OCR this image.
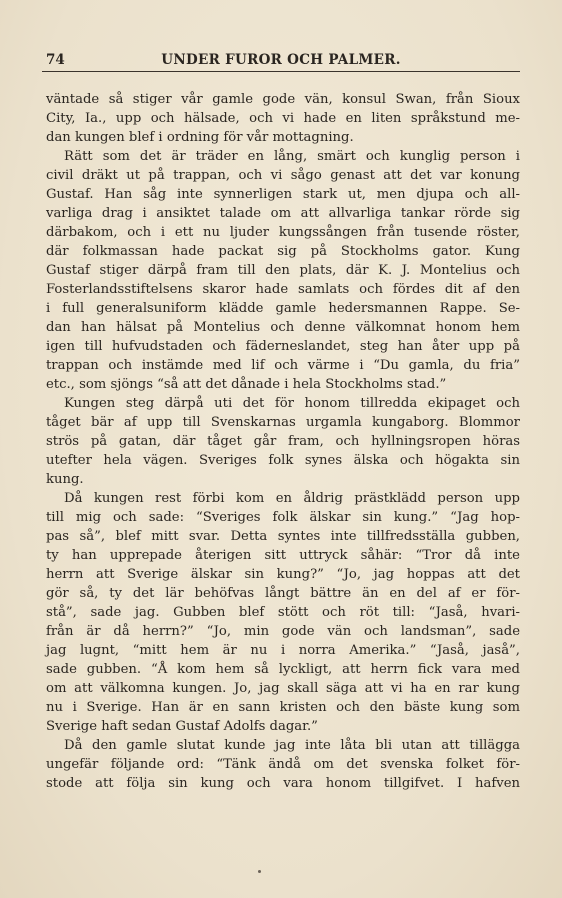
74	UNDER FUROR OCH PALMER.
väntade så stiger vår gamle gode vän, konsul Swan, från Sioux
City, Ia., upp och hälsade, och vi hade en liten språkstund me-
dan kungen blef i ordning för vår mottagning.
Rätt som det är träder en lång, smärt och kunglig person i
civil dräkt ut på trappan, och vi sågo genast att det var konung
Gustaf. Han såg inte synnerligen stark ut, men djupa och all-
varliga drag i ansiktet talade om att allvarliga tankar rörde sig
därbakom, och i ett nu ljuder kungssången från tusende röster,
där folkmassan hade packat sig på Stockholms gator. Kung
Gustaf stiger därpå fram till den plats, där K. J. Montelius och
Fosterlandsstiftelsens skaror hade samlats och fördes dit af den
i full generalsuniform klädde gamle hedersmannen Rappe. Se-
dan han hälsat på Montelius och denne välkomnat honom hem
igen till hufvudstaden och fäderneslandet, steg han åter upp på
trappan och instämde med lif och värme i “Du gamla, du fria”
etc., som sjöngs “så att det dånade i hela Stockholms stad.”
Kungen steg därpå uti det för honom tillredda ekipaget och
tåget bär af upp till Svenskarnas urgamla kungaborg. Blommor
strös på gatan, där tåget går fram, och hyllningsropen höras
utefter hela vägen. Sveriges folk synes älska och högakta sin
kung.
Då kungen rest förbi kom en åldrig prästklädd person upp
till mig och sade: “Sveriges folk älskar sin kung.” “Jag hop-
pas så”, blef mitt svar. Detta syntes inte tillfredsställa gubben,
ty han upprepade återigen sitt uttryck såhär: “Tror då inte
herrn att Sverige älskar sin kung?” “Jo, jag hoppas att det
gör så, ty det lär behöfvas långt bättre än en del af er för-
stå”, sade jag. Gubben blef stött och röt till: “Jaså, hvari-
från är då herrn?” “Jo, min gode vän och landsman”, sade
jag lugnt, “mitt hem är nu i norra Amerika.” “Jaså, jaså”,
sade gubben. “Å kom hem så lyckligt, att herrn fick vara med
om att välkomna kungen. Jo, jag skall säga att vi ha en rar kung
nu i Sverige. Han är en sann kristen och den bäste kung som
Sverige haft sedan Gustaf Adolfs dagar.”
Då den gamle slutat kunde jag inte låta bli utan att tillägga
ungefär följande ord: “Tänk ändå om det svenska folket för-
stode att följa sin kung och vara honom tillgifvet. I hafven
